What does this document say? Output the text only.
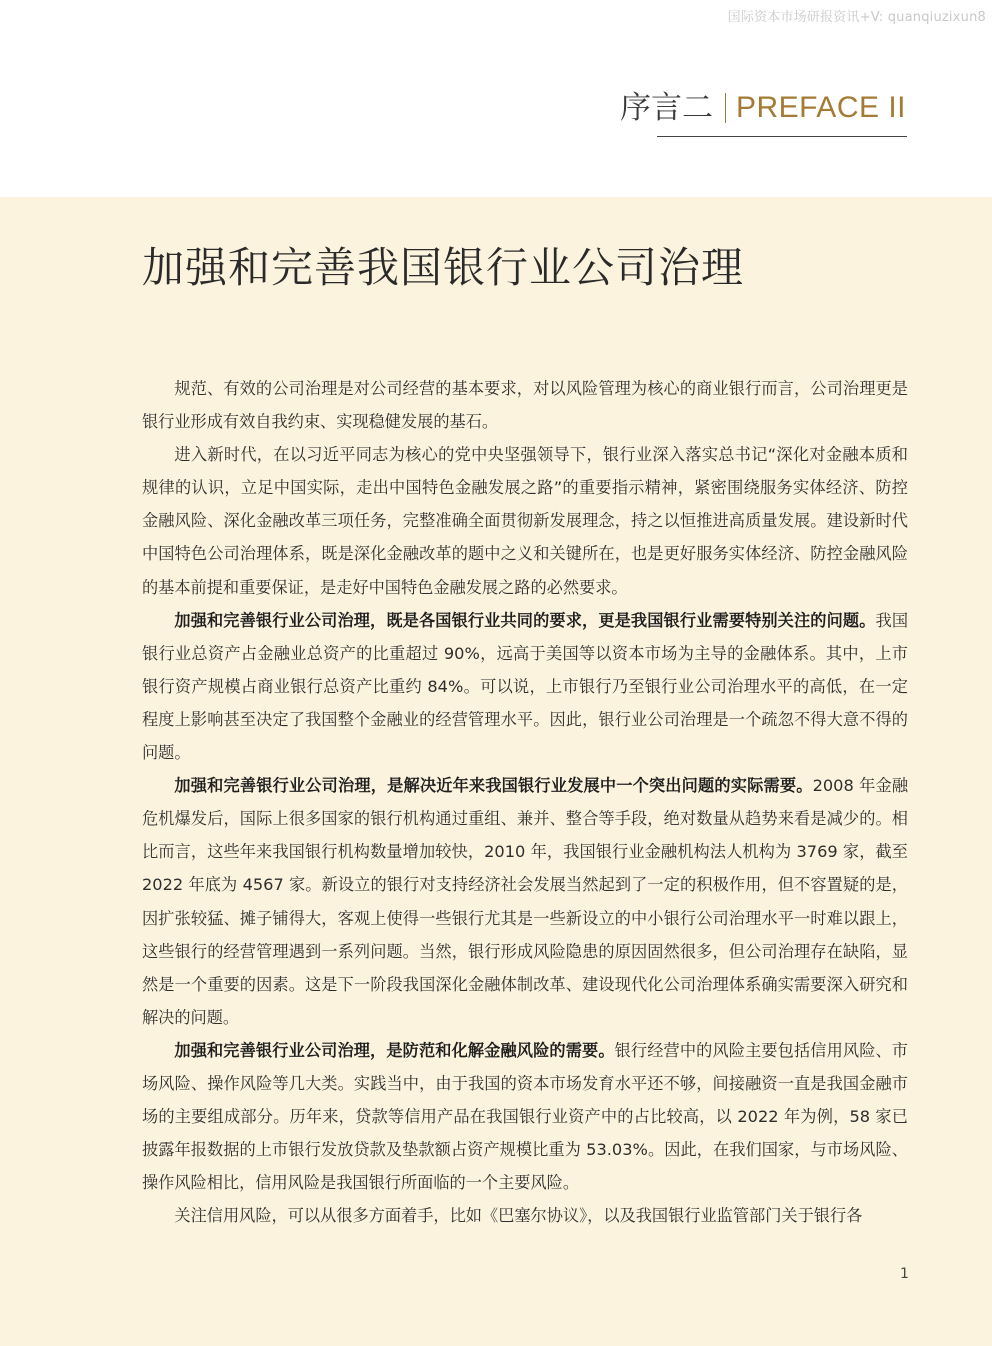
国际资本市场研报资讯+V: quanqiuzixun8
序言二 PREFACE II
加强和完善我国银行业公司治理

规范、有效的公司治理是对公司经营的基本要求，对以风险管理为核心的商业银行而言，公司治理更是银行业形成有效自我约束、实现稳健发展的基石。

进入新时代，在以习近平同志为核心的党中央坚强领导下，银行业深入落实总书记“深化对金融本质和规律的认识，立足中国实际，走出中国特色金融发展之路”的重要指示精神，紧密围绕服务实体经济、防控金融风险、深化金融改革三项任务，完整准确全面贯彻新发展理念，持之以恒推进高质量发展。建设新时代中国特色公司治理体系，既是深化金融改革的题中之义和关键所在，也是更好服务实体经济、防控金融风险的基本前提和重要保证，是走好中国特色金融发展之路的必然要求。

加强和完善银行业公司治理，既是各国银行业共同的要求，更是我国银行业需要特别关注的问题。我国银行业总资产占金融业总资产的比重超过 90%，远高于美国等以资本市场为主导的金融体系。其中，上市银行资产规模占商业银行总资产比重约 84%。可以说，上市银行乃至银行业公司治理水平的高低，在一定程度上影响甚至决定了我国整个金融业的经营管理水平。因此，银行业公司治理是一个疏忽不得大意不得的问题。

加强和完善银行业公司治理，是解决近年来我国银行业发展中一个突出问题的实际需要。2008 年金融危机爆发后，国际上很多国家的银行机构通过重组、兼并、整合等手段，绝对数量从趋势来看是减少的。相比而言，这些年来我国银行机构数量增加较快，2010 年，我国银行业金融机构法人机构为 3769 家，截至 2022 年底为 4567 家。新设立的银行对支持经济社会发展当然起到了一定的积极作用，但不容置疑的是，因扩张较猛、摊子铺得大，客观上使得一些银行尤其是一些新设立的中小银行公司治理水平一时难以跟上，这些银行的经营管理遇到一系列问题。当然，银行形成风险隐患的原因固然很多，但公司治理存在缺陷，显然是一个重要的因素。这是下一阶段我国深化金融体制改革、建设现代化公司治理体系确实需要深入研究和解决的问题。

加强和完善银行业公司治理，是防范和化解金融风险的需要。银行经营中的风险主要包括信用风险、市场风险、操作风险等几大类。实践当中，由于我国的资本市场发育水平还不够，间接融资一直是我国金融市场的主要组成部分。历年来，贷款等信用产品在我国银行业资产中的占比较高，以 2022 年为例，58 家已披露年报数据的上市银行发放贷款及垫款额占资产规模比重为 53.03%。因此，在我们国家，与市场风险、操作风险相比，信用风险是我国银行所面临的一个主要风险。

关注信用风险，可以从很多方面着手，比如《巴塞尔协议》，以及我国银行业监管部门关于银行各

1
